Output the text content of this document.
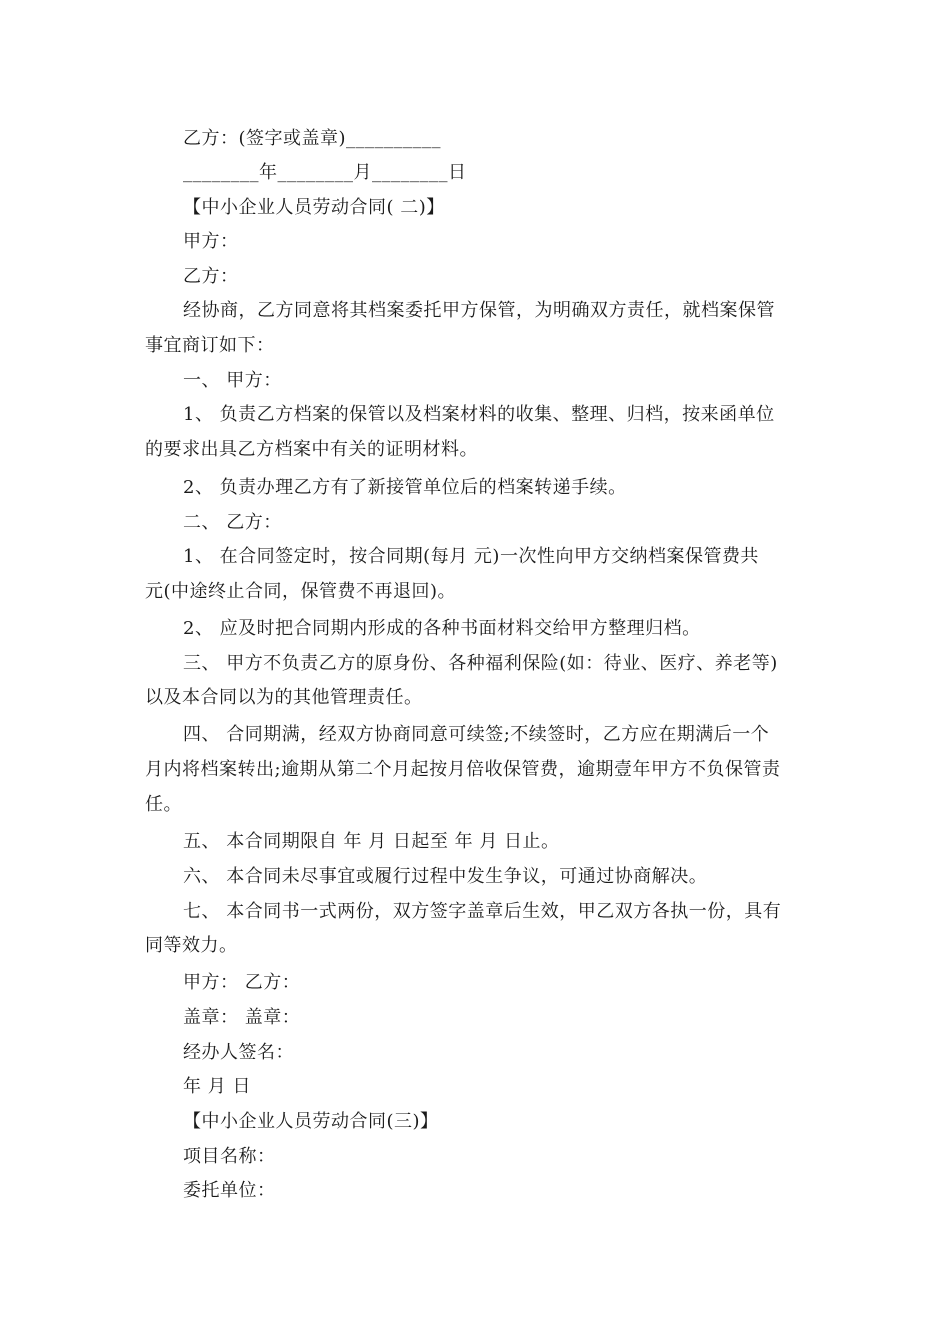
乙方：(签字或盖章)__________
________年________月________日
【中小企业人员劳动合同( 二)】
甲方：
乙方：
经协商，乙方同意将其档案委托甲方保管，为明确双方责任，就档案保管
事宜商订如下：
一、 甲方：
1、 负责乙方档案的保管以及档案材料的收集、整理、归档，按来函单位
的要求出具乙方档案中有关的证明材料。
2、 负责办理乙方有了新接管单位后的档案转递手续。
二、 乙方：
1、 在合同签定时，按合同期(每月 元)一次性向甲方交纳档案保管费共
元(中途终止合同，保管费不再退回)。
2、 应及时把合同期内形成的各种书面材料交给甲方整理归档。
三、 甲方不负责乙方的原身份、各种福利保险(如：待业、医疗、养老等)
以及本合同以为的其他管理责任。
四、 合同期满，经双方协商同意可续签;不续签时，乙方应在期满后一个
月内将档案转出;逾期从第二个月起按月倍收保管费，逾期壹年甲方不负保管责
任。
五、 本合同期限自 年 月 日起至 年 月 日止。
六、 本合同未尽事宜或履行过程中发生争议，可通过协商解决。
七、 本合同书一式两份，双方签字盖章后生效，甲乙双方各执一份，具有
同等效力。
甲方： 乙方：
盖章： 盖章：
经办人签名：
年 月 日
【中小企业人员劳动合同(三)】
项目名称：
委托单位：
